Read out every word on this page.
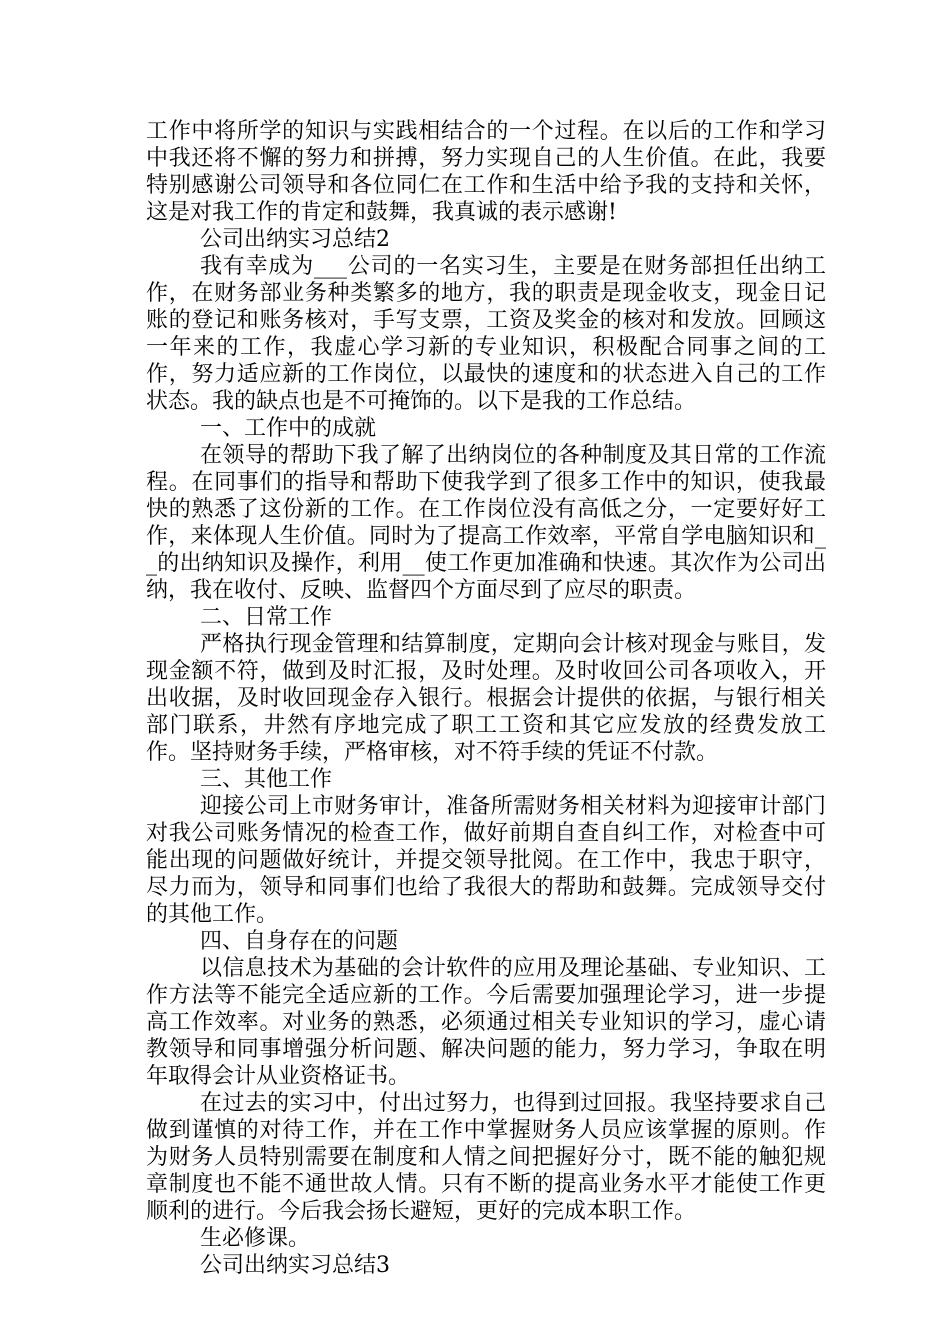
工作中将所学的知识与实践相结合的一个过程。在以后的工作和学习中我还将不懈的努力和拼搏，努力实现自己的人生价值。在此，我要特别感谢公司领导和各位同仁在工作和生活中给予我的支持和关怀，这是对我工作的肯定和鼓舞，我真诚的表示感谢!

公司出纳实习总结2

我有幸成为___公司的一名实习生，主要是在财务部担任出纳工作，在财务部业务种类繁多的地方，我的职责是现金收支，现金日记账的登记和账务核对，手写支票，工资及奖金的核对和发放。回顾这一年来的工作，我虚心学习新的专业知识，积极配合同事之间的工作，努力适应新的工作岗位，以最快的速度和的状态进入自己的工作状态。我的缺点也是不可掩饰的。以下是我的工作总结。

一、工作中的成就

在领导的帮助下我了解了出纳岗位的各种制度及其日常的工作流程。在同事们的指导和帮助下使我学到了很多工作中的知识，使我最快的熟悉了这份新的工作。在工作岗位没有高低之分，一定要好好工作，来体现人生价值。同时为了提高工作效率，平常自学电脑知识和__的出纳知识及操作，利用__使工作更加准确和快速。其次作为公司出纳，我在收付、反映、监督四个方面尽到了应尽的职责。

二、日常工作

严格执行现金管理和结算制度，定期向会计核对现金与账目，发现金额不符，做到及时汇报，及时处理。及时收回公司各项收入，开出收据，及时收回现金存入银行。根据会计提供的依据，与银行相关部门联系，井然有序地完成了职工工资和其它应发放的经费发放工作。坚持财务手续，严格审核，对不符手续的凭证不付款。

三、其他工作

迎接公司上市财务审计，准备所需财务相关材料为迎接审计部门对我公司账务情况的检查工作，做好前期自查自纠工作，对检查中可能出现的问题做好统计，并提交领导批阅。在工作中，我忠于职守，尽力而为，领导和同事们也给了我很大的帮助和鼓舞。完成领导交付的其他工作。

四、自身存在的问题

以信息技术为基础的会计软件的应用及理论基础、专业知识、工作方法等不能完全适应新的工作。今后需要加强理论学习，进一步提高工作效率。对业务的熟悉，必须通过相关专业知识的学习，虚心请教领导和同事增强分析问题、解决问题的能力，努力学习，争取在明年取得会计从业资格证书。

在过去的实习中，付出过努力，也得到过回报。我坚持要求自己做到谨慎的对待工作，并在工作中掌握财务人员应该掌握的原则。作为财务人员特别需要在制度和人情之间把握好分寸，既不能的触犯规章制度也不能不通世故人情。只有不断的提高业务水平才能使工作更顺利的进行。今后我会扬长避短，更好的完成本职工作。

生必修课。

公司出纳实习总结3
